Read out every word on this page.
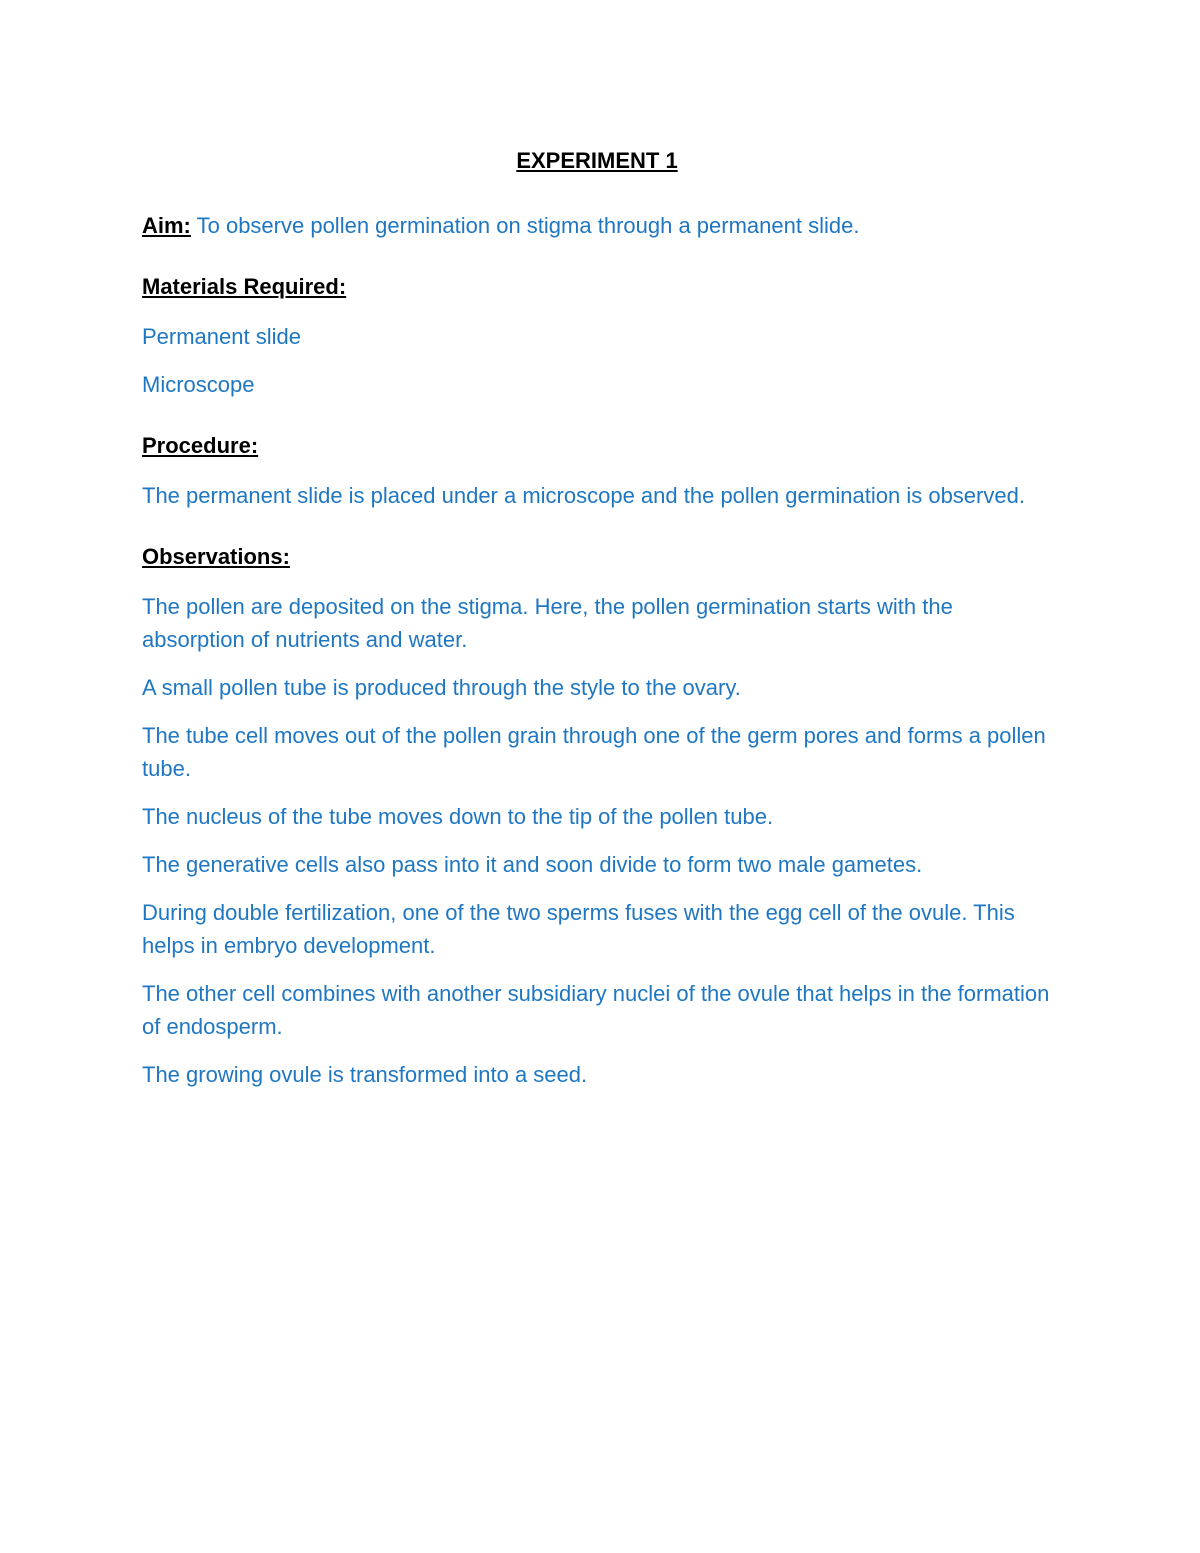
EXPERIMENT 1
Aim: To observe pollen germination on stigma through a permanent slide.
Materials Required:
Permanent slide
Microscope
Procedure:
The permanent slide is placed under a microscope and the pollen germination is observed.
Observations:
The pollen are deposited on the stigma. Here, the pollen germination starts with the absorption of nutrients and water.
A small pollen tube is produced through the style to the ovary.
The tube cell moves out of the pollen grain through one of the germ pores and forms a pollen tube.
The nucleus of the tube moves down to the tip of the pollen tube.
The generative cells also pass into it and soon divide to form two male gametes.
During double fertilization, one of the two sperms fuses with the egg cell of the ovule. This helps in embryo development.
The other cell combines with another subsidiary nuclei of the ovule that helps in the formation of endosperm.
The growing ovule is transformed into a seed.
